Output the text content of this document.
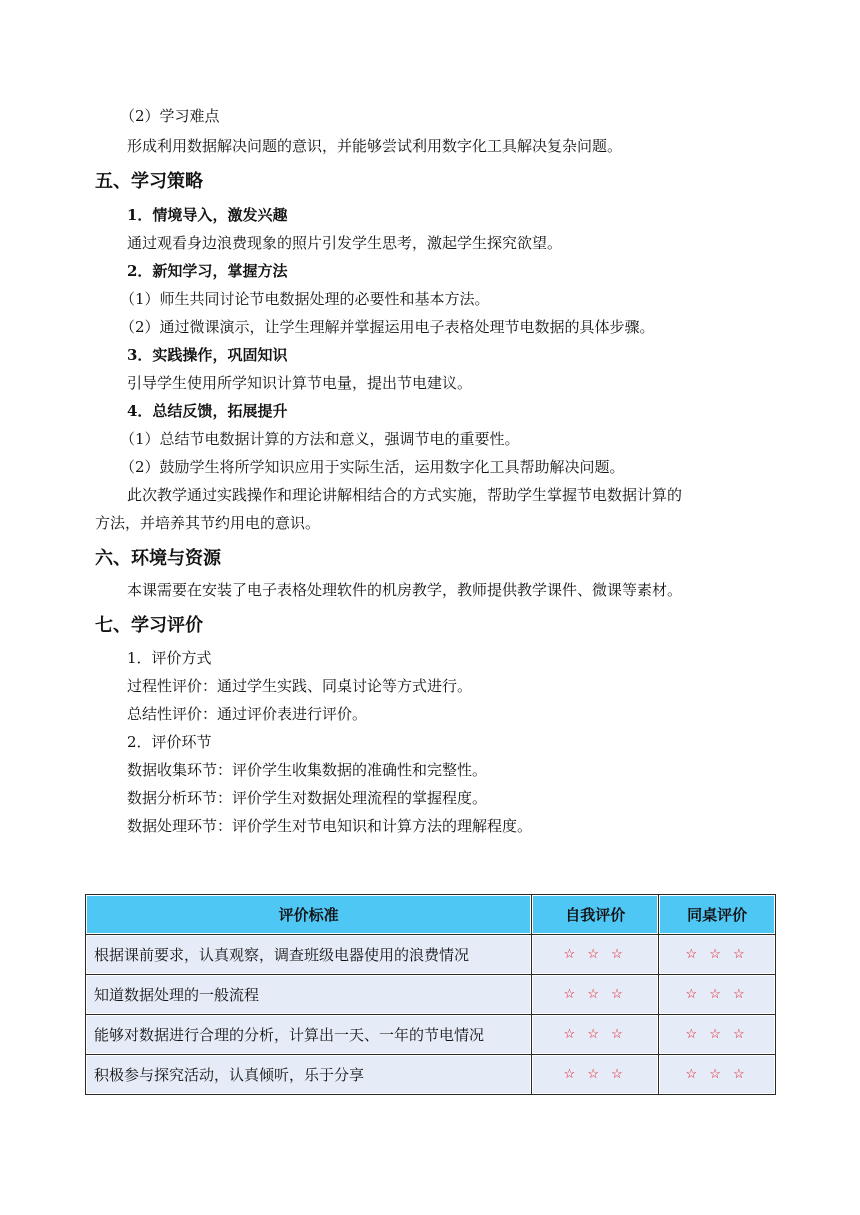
（2）学习难点
形成利用数据解决问题的意识，并能够尝试利用数字化工具解决复杂问题。
五、学习策略
1．情境导入，激发兴趣
通过观看身边浪费现象的照片引发学生思考，激起学生探究欲望。
2．新知学习，掌握方法
（1）师生共同讨论节电数据处理的必要性和基本方法。
（2）通过微课演示，让学生理解并掌握运用电子表格处理节电数据的具体步骤。
3．实践操作，巩固知识
引导学生使用所学知识计算节电量，提出节电建议。
4．总结反馈，拓展提升
（1）总结节电数据计算的方法和意义，强调节电的重要性。
（2）鼓励学生将所学知识应用于实际生活，运用数字化工具帮助解决问题。
此次教学通过实践操作和理论讲解相结合的方式实施，帮助学生掌握节电数据计算的
方法，并培养其节约用电的意识。
六、环境与资源
本课需要在安装了电子表格处理软件的机房教学，教师提供教学课件、微课等素材。
七、学习评价
1．评价方式
过程性评价：通过学生实践、同桌讨论等方式进行。
总结性评价：通过评价表进行评价。
2．评价环节
数据收集环节：评价学生收集数据的准确性和完整性。
数据分析环节：评价学生对数据处理流程的掌握程度。
数据处理环节：评价学生对节电知识和计算方法的理解程度。
评价标准	自我评价	同桌评价
根据课前要求，认真观察，调查班级电器使用的浪费情况	☆ ☆ ☆	☆ ☆ ☆
知道数据处理的一般流程	☆ ☆ ☆	☆ ☆ ☆
能够对数据进行合理的分析，计算出一天、一年的节电情况	☆ ☆ ☆	☆ ☆ ☆
积极参与探究活动，认真倾听，乐于分享	☆ ☆ ☆	☆ ☆ ☆
